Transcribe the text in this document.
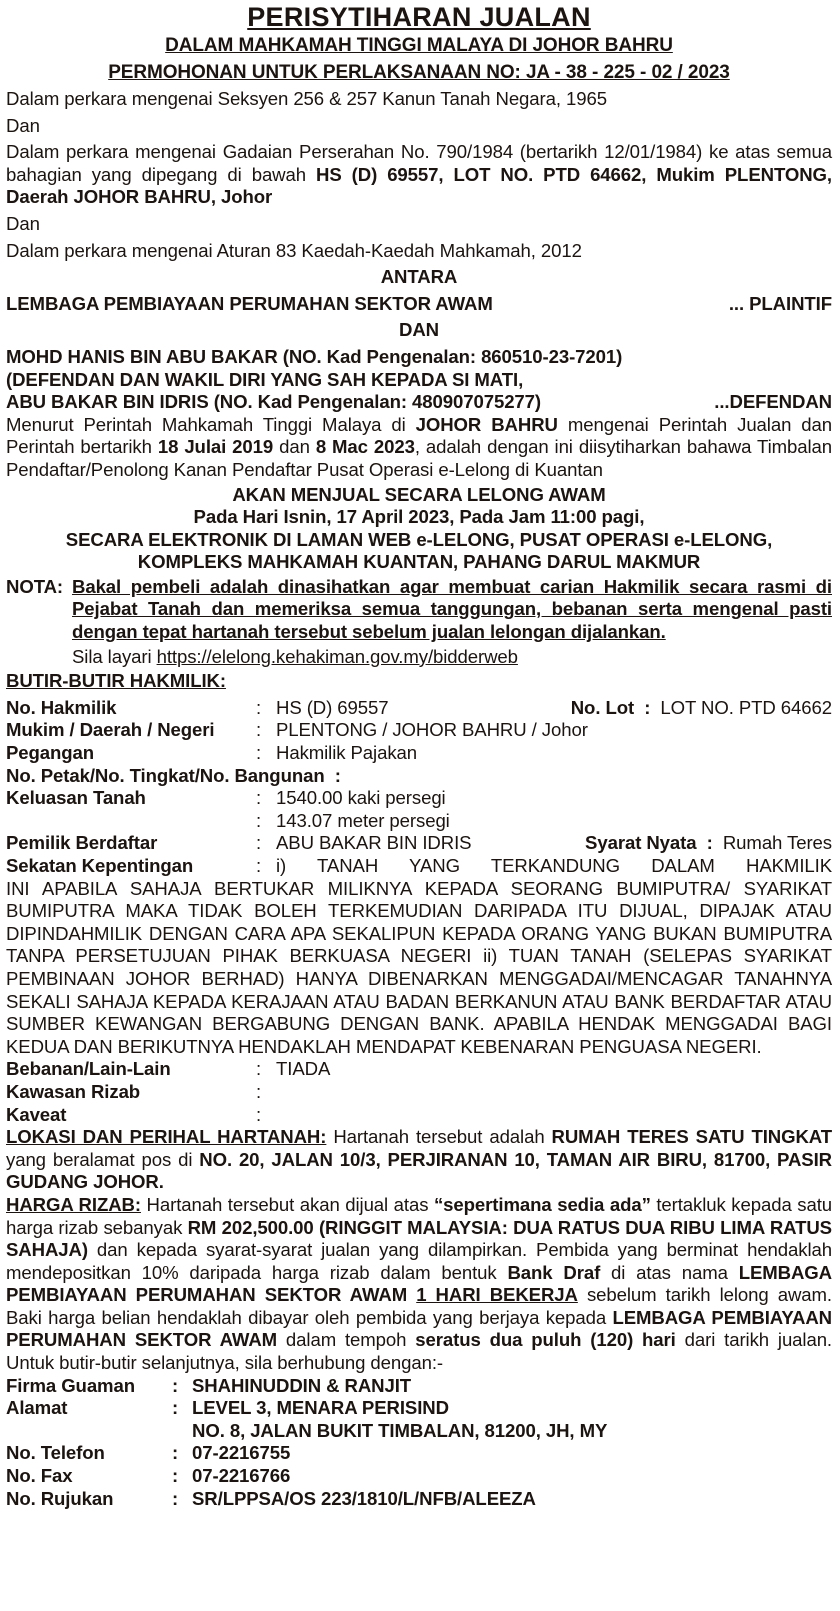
PERISYTIHARAN JUALAN

DALAM MAHKAMAH TINGGI MALAYA DI JOHOR BAHRU

PERMOHONAN UNTUK PERLAKSANAAN NO: JA - 38 - 225 - 02 / 2023

Dalam perkara mengenai Seksyen 256 & 257 Kanun Tanah Negara, 1965

Dan

Dalam perkara mengenai Gadaian Perserahan No. 790/1984 (bertarikh 12/01/1984) ke atas semua bahagian yang dipegang di bawah HS (D) 69557, LOT NO. PTD 64662, Mukim PLENTONG, Daerah JOHOR BAHRU, Johor

Dan

Dalam perkara mengenai Aturan 83 Kaedah-Kaedah Mahkamah, 2012

ANTARA

LEMBAGA PEMBIAYAAN PERUMAHAN SEKTOR AWAM	... PLAINTIF

DAN

MOHD HANIS BIN ABU BAKAR (NO. Kad Pengenalan: 860510-23-7201)

(DEFENDAN DAN WAKIL DIRI YANG SAH KEPADA SI MATI,

ABU BAKAR BIN IDRIS (NO. Kad Pengenalan: 480907075277)	...DEFENDAN

Menurut Perintah Mahkamah Tinggi Malaya di JOHOR BAHRU mengenai Perintah Jualan dan Perintah bertarikh 18 Julai 2019 dan 8 Mac 2023, adalah dengan ini diisytiharkan bahawa Timbalan Pendaftar/Penolong Kanan Pendaftar Pusat Operasi e-Lelong di Kuantan

AKAN MENJUAL SECARA LELONG AWAM

Pada Hari Isnin, 17 April 2023, Pada Jam 11:00 pagi,

SECARA ELEKTRONIK DI LAMAN WEB e-LELONG, PUSAT OPERASI e-LELONG,

KOMPLEKS MAHKAMAH KUANTAN, PAHANG DARUL MAKMUR

NOTA: Bakal pembeli adalah dinasihatkan agar membuat carian Hakmilik secara rasmi di Pejabat Tanah dan memeriksa semua tanggungan, bebanan serta mengenal pasti dengan tepat hartanah tersebut sebelum jualan lelongan dijalankan.

Sila layari https://elelong.kehakiman.gov.my/bidderweb

BUTIR-BUTIR HAKMILIK:

No. Hakmilik	: HS (D) 69557	No. Lot  :  LOT NO. PTD 64662
Mukim / Daerah / Negeri	: PLENTONG / JOHOR BAHRU / Johor
Pegangan	: Hakmilik Pajakan
No. Petak/No. Tingkat/No. Bangunan :
Keluasan Tanah	: 1540.00 kaki persegi
: 143.07 meter persegi
Pemilik Berdaftar	: ABU BAKAR BIN IDRIS	Syarat Nyata  :  Rumah Teres
Sekatan Kepentingan	: i) TANAH YANG TERKANDUNG DALAM HAKMILIK

INI APABILA SAHAJA BERTUKAR MILIKNYA KEPADA SEORANG BUMIPUTRA/ SYARIKAT BUMIPUTRA MAKA TIDAK BOLEH TERKEMUDIAN DARIPADA ITU DIJUAL, DIPAJAK ATAU DIPINDAHMILIK DENGAN CARA APA SEKALIPUN KEPADA ORANG YANG BUKAN BUMIPUTRA TANPA PERSETUJUAN PIHAK BERKUASA NEGERI ii) TUAN TANAH (SELEPAS SYARIKAT PEMBINAAN JOHOR BERHAD) HANYA DIBENARKAN MENGGADAI/MENCAGAR TANAHNYA SEKALI SAHAJA KEPADA KERAJAAN ATAU BADAN BERKANUN ATAU BANK BERDAFTAR ATAU SUMBER KEWANGAN BERGABUNG DENGAN BANK. APABILA HENDAK MENGGADAI BAGI KEDUA DAN BERIKUTNYA HENDAKLAH MENDAPAT KEBENARAN PENGUASA NEGERI.

Bebanan/Lain-Lain	: TIADA
Kawasan Rizab	:
Kaveat	:

LOKASI DAN PERIHAL HARTANAH: Hartanah tersebut adalah RUMAH TERES SATU TINGKAT yang beralamat pos di NO. 20, JALAN 10/3, PERJIRANAN 10, TAMAN AIR BIRU, 81700, PASIR GUDANG JOHOR.

HARGA RIZAB: Hartanah tersebut akan dijual atas “sepertimana sedia ada” tertakluk kepada satu harga rizab sebanyak RM 202,500.00 (RINGGIT MALAYSIA: DUA RATUS DUA RIBU LIMA RATUS SAHAJA) dan kepada syarat-syarat jualan yang dilampirkan. Pembida yang berminat hendaklah mendepositkan 10% daripada harga rizab dalam bentuk Bank Draf di atas nama LEMBAGA PEMBIAYAAN PERUMAHAN SEKTOR AWAM 1 HARI BEKERJA sebelum tarikh lelong awam. Baki harga belian hendaklah dibayar oleh pembida yang berjaya kepada LEMBAGA PEMBIAYAAN PERUMAHAN SEKTOR AWAM dalam tempoh seratus dua puluh (120) hari dari tarikh jualan. Untuk butir-butir selanjutnya, sila berhubung dengan:-

Firma Guaman	: SHAHINUDDIN & RANJIT
Alamat	: LEVEL 3, MENARA PERISIND
NO. 8, JALAN BUKIT TIMBALAN, 81200, JH, MY
No. Telefon	: 07-2216755
No. Fax	: 07-2216766
No. Rujukan	: SR/LPPSA/OS 223/1810/L/NFB/ALEEZA
